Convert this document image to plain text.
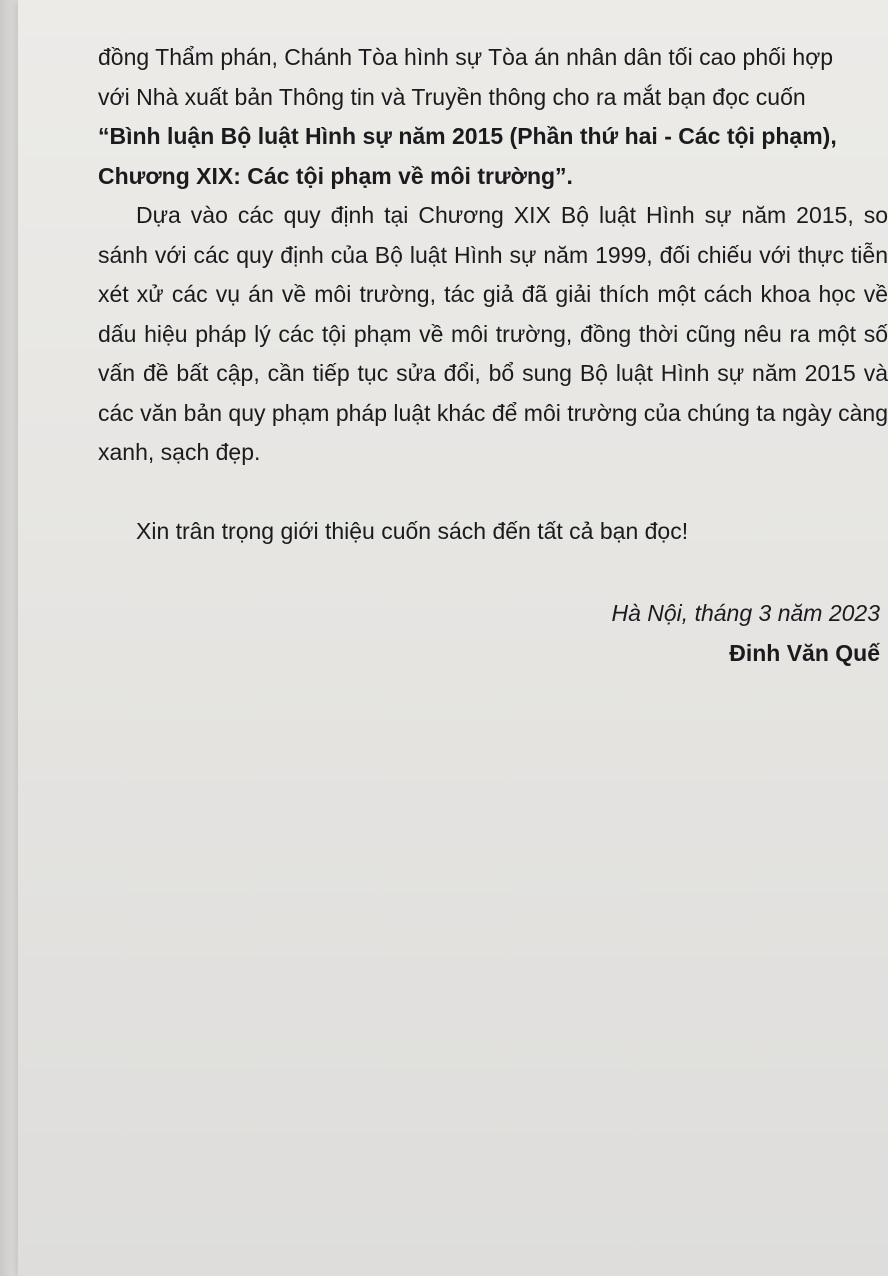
đồng Thẩm phán, Chánh Tòa hình sự Tòa án nhân dân tối cao phối hợp

với Nhà xuất bản Thông tin và Truyền thông cho ra mắt bạn đọc cuốn

“Bình luận Bộ luật Hình sự năm 2015 (Phần thứ hai - Các tội phạm),

Chương XIX: Các tội phạm về môi trường”.

Dựa vào các quy định tại Chương XIX Bộ luật Hình sự năm 2015, so sánh với các quy định của Bộ luật Hình sự năm 1999, đối chiếu với thực tiễn xét xử các vụ án về môi trường, tác giả đã giải thích một cách khoa học về dấu hiệu pháp lý các tội phạm về môi trường, đồng thời cũng nêu ra một số vấn đề bất cập, cần tiếp tục sửa đổi, bổ sung Bộ luật Hình sự năm 2015 và các văn bản quy phạm pháp luật khác để môi trường của chúng ta ngày càng xanh, sạch đẹp.

Xin trân trọng giới thiệu cuốn sách đến tất cả bạn đọc!

Hà Nội, tháng 3 năm 2023

Đinh Văn Quế
